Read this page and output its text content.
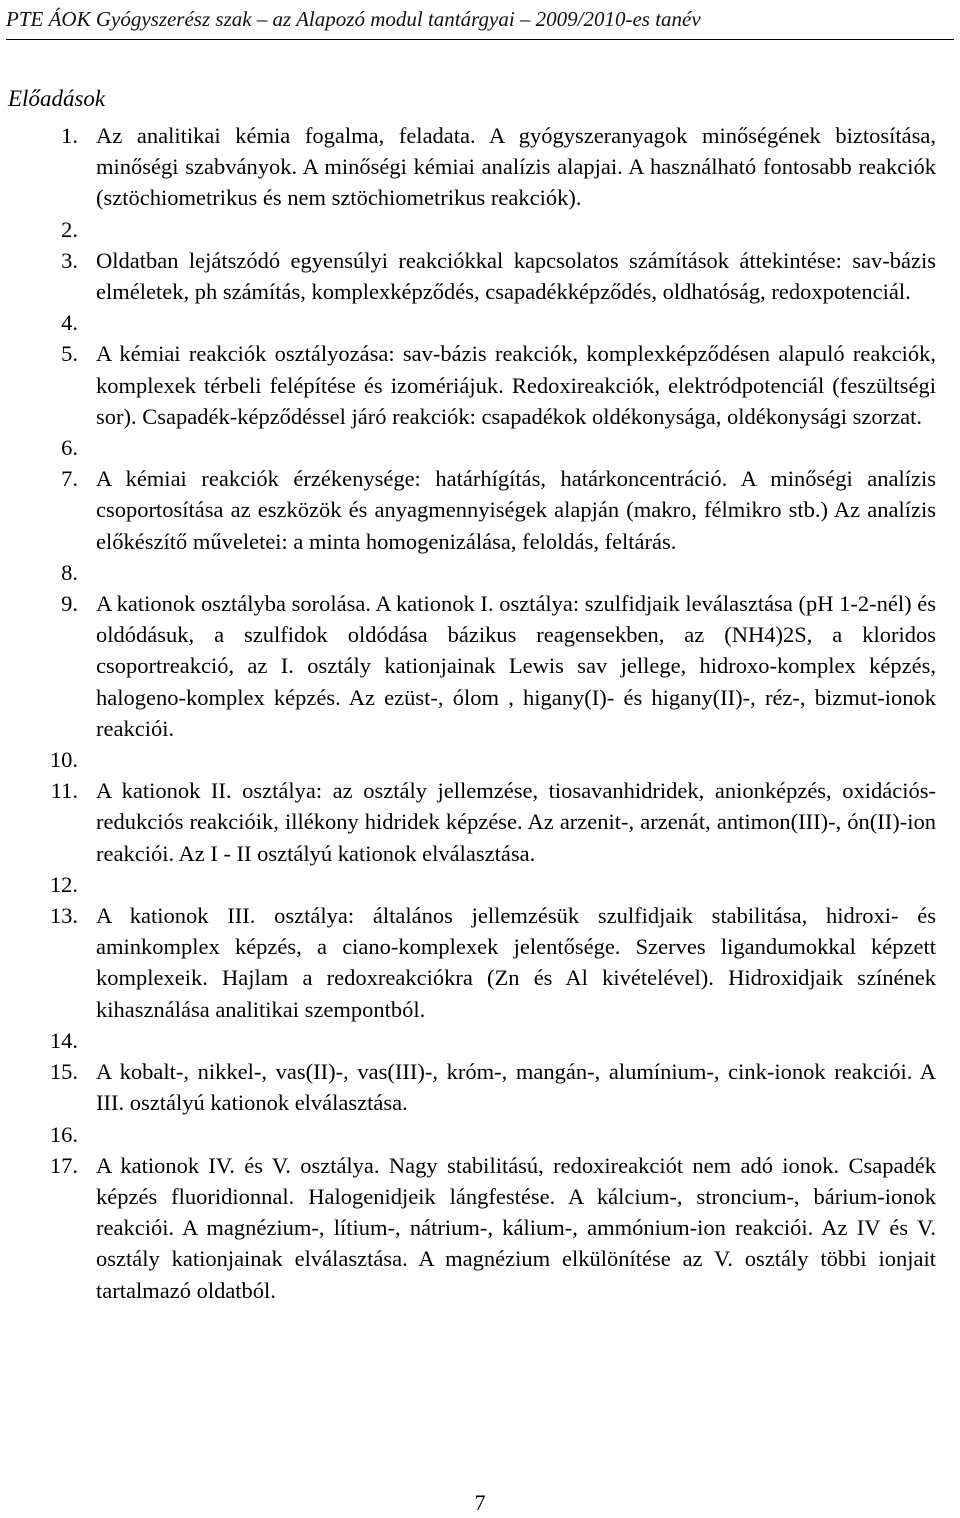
PTE ÁOK Gyógyszerész szak – az Alapozó modul tantárgyai – 2009/2010-es tanév
Előadások
1. Az analitikai kémia fogalma, feladata. A gyógyszeranyagok minőségének biztosítása, minőségi szabványok. A minőségi kémiai analízis alapjai. A használható fontosabb reakciók (sztöchiometrikus és nem sztöchiometrikus reakciók).
2.
3. Oldatban lejátszódó egyensúlyi reakciókkal kapcsolatos számítások áttekintése: sav-bázis elméletek, ph számítás, komplexképződés, csapadékképződés, oldhatóság, redoxpotenciál.
4.
5. A kémiai reakciók osztályozása: sav-bázis reakciók, komplexképződésen alapuló reakciók, komplexek térbeli felépítése és izomériájuk. Redoxireakciók, elektródpotenciál (feszültségi sor). Csapadék-képződéssel járó reakciók: csapadékok oldékonysága, oldékonysági szorzat.
6.
7. A kémiai reakciók érzékenysége: határhígítás, határkoncentráció. A minőségi analízis csoportosítása az eszközök és anyagmennyiségek alapján (makro, félmikro stb.) Az analízis előkészítő műveletei: a minta homogenizálása, feloldás, feltárás.
8.
9. A kationok osztályba sorolása. A kationok I. osztálya: szulfidjaik leválasztása (pH 1-2-nél) és oldódásuk, a szulfidok oldódása bázikus reagensekben, az (NH4)2S, a kloridos csoportreakció, az I. osztály kationjainak Lewis sav jellege, hidroxo-komplex képzés, halogeno-komplex képzés. Az ezüst-, ólom , higany(I)- és higany(II)-, réz-, bizmut-ionok reakciói.
10.
11. A kationok II. osztálya: az osztály jellemzése, tiosavanhidridek, anionképzés, oxidációs-redukciós reakcióik, illékony hidridek képzése. Az arzenit-, arzenát, antimon(III)-, ón(II)-ion reakciói. Az I - II osztályú kationok elválasztása.
12.
13. A kationok III. osztálya: általános jellemzésük szulfidjaik stabilitása, hidroxi- és aminkomplex képzés, a ciano-komplexek jelentősége. Szerves ligandumokkal képzett komplexeik. Hajlam a redoxreakciókra (Zn és Al kivételével). Hidroxidjaik színének kihasználása analitikai szempontból.
14.
15. A kobalt-, nikkel-, vas(II)-, vas(III)-, króm-, mangán-, alumínium-, cink-ionok reakciói. A III. osztályú kationok elválasztása.
16.
17. A kationok IV. és V. osztálya. Nagy stabilitású, redoxireakciót nem adó ionok. Csapadék képzés fluoridionnal. Halogenidjeik lángfestése. A kálcium-, stroncium-, bárium-ionok reakciói. A magnézium-, lítium-, nátrium-, kálium-, ammónium-ion reakciói. Az IV és V. osztály kationjainak elválasztása. A magnézium elkülönítése az V. osztály többi ionjait tartalmazó oldatból.
7
